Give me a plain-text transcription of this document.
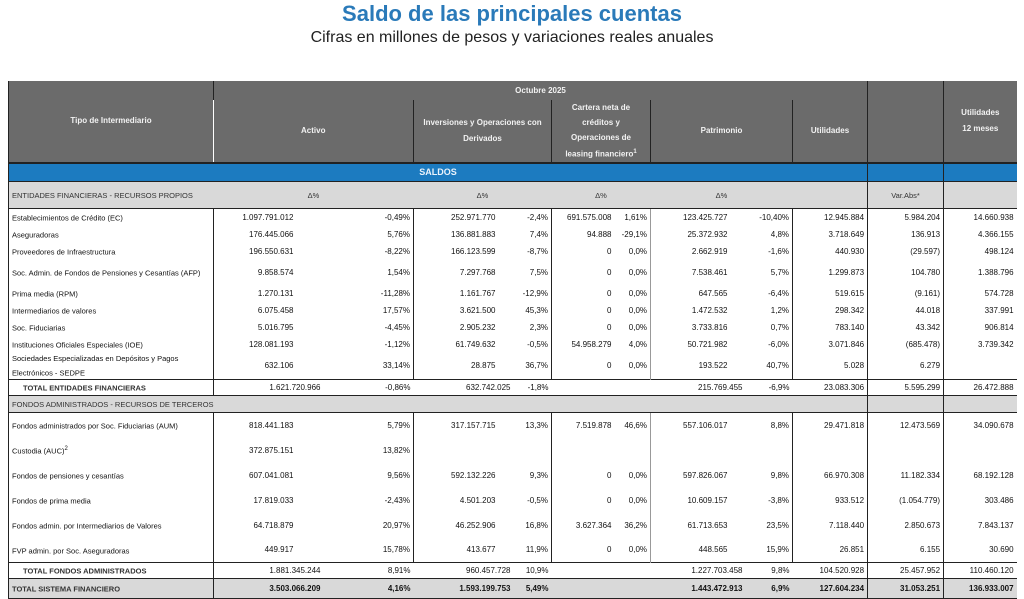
Saldo de las principales cuentas
Cifras en millones de pesos y variaciones reales anuales
Tipo de Intermediario	Octubre 2025										Utilidades
12 meses
	Activo		Inversiones y Operaciones con Derivados		Cartera neta de créditos y Operaciones de leasing financiero$^1$		Patrimonio		Utilidades		
SALDOS											
ENTIDADES FINANCIERAS - RECURSOS PROPIOS	Δ%		Δ%		Δ%		Δ%			Var.Abs*	
Establecimientos de Crédito (EC)	1.097.791.012	-0,49%	252.971.770	-2,4%	691.575.008	1,61%	123.425.727	-10,40%	12.945.884	5.984.204	14.660.938
Aseguradoras	176.445.066	5,76%	136.881.883	7,4%	94.888	-29,1%	25.372.932	4,8%	3.718.649	136.913	4.366.155
Proveedores de Infraestructura	196.550.631	-8,22%	166.123.599	-8,7%	0	0,0%	2.662.919	-1,6%	440.930	(29.597)	498.124
Soc. Admin. de Fondos de Pensiones y Cesantías (AFP)	9.858.574	1,54%	7.297.768	7,5%	0	0,0%	7.538.461	5,7%	1.299.873	104.780	1.388.796
Prima media (RPM)	1.270.131	-11,28%	1.161.767	-12,9%	0	0,0%	647.565	-6,4%	519.615	(9.161)	574.728
Intermediarios de valores	6.075.458	17,57%	3.621.500	45,3%	0	0,0%	1.472.532	1,2%	298.342	44.018	337.991
Soc. Fiduciarias	5.016.795	-4,45%	2.905.232	2,3%	0	0,0%	3.733.816	0,7%	783.140	43.342	906.814
Instituciones Oficiales Especiales (IOE)	128.081.193	-1,12%	61.749.632	-0,5%	54.958.279	4,0%	50.721.982	-6,0%	3.071.846	(685.478)	3.739.342
Sociedades Especializadas en Depósitos y Pagos Electrónicos - SEDPE	632.106	33,14%	28.875	36,7%	0	0,0%	193.522	40,7%	5.028	6.279	
TOTAL ENTIDADES FINANCIERAS	1.621.720.966	-0,86%	632.742.025	-1,8%			215.769.455	-6,9%	23.083.306	5.595.299	26.472.888
FONDOS ADMINISTRADOS - RECURSOS DE TERCEROS											
Fondos administrados por Soc. Fiduciarias (AUM)	818.441.183	5,79%	317.157.715	13,3%	7.519.878	46,6%	557.106.017	8,8%	29.471.818	12.473.569	34.090.678
Custodia (AUC)$^2$	372.875.151	13,82%									
Fondos de pensiones y cesantías	607.041.081	9,56%	592.132.226	9,3%	0	0,0%	597.826.067	9,8%	66.970.308	11.182.334	68.192.128
Fondos de prima media	17.819.033	-2,43%	4.501.203	-0,5%	0	0,0%	10.609.157	-3,8%	933.512	(1.054.779)	303.486
Fondos admin. por Intermediarios de Valores	64.718.879	20,97%	46.252.906	16,8%	3.627.364	36,2%	61.713.653	23,5%	7.118.440	2.850.673	7.843.137
FVP admin. por Soc. Aseguradoras	449.917	15,78%	413.677	11,9%	0	0,0%	448.565	15,9%	26.851	6.155	30.690
TOTAL FONDOS ADMINISTRADOS	1.881.345.244	8,91%	960.457.728	10,9%			1.227.703.458	9,8%	104.520.928	25.457.952	110.460.120
TOTAL SISTEMA FINANCIERO	3.503.066.209	4,16%	1.593.199.753	5,49%			1.443.472.913	6,9%	127.604.234	31.053.251	136.933.007
